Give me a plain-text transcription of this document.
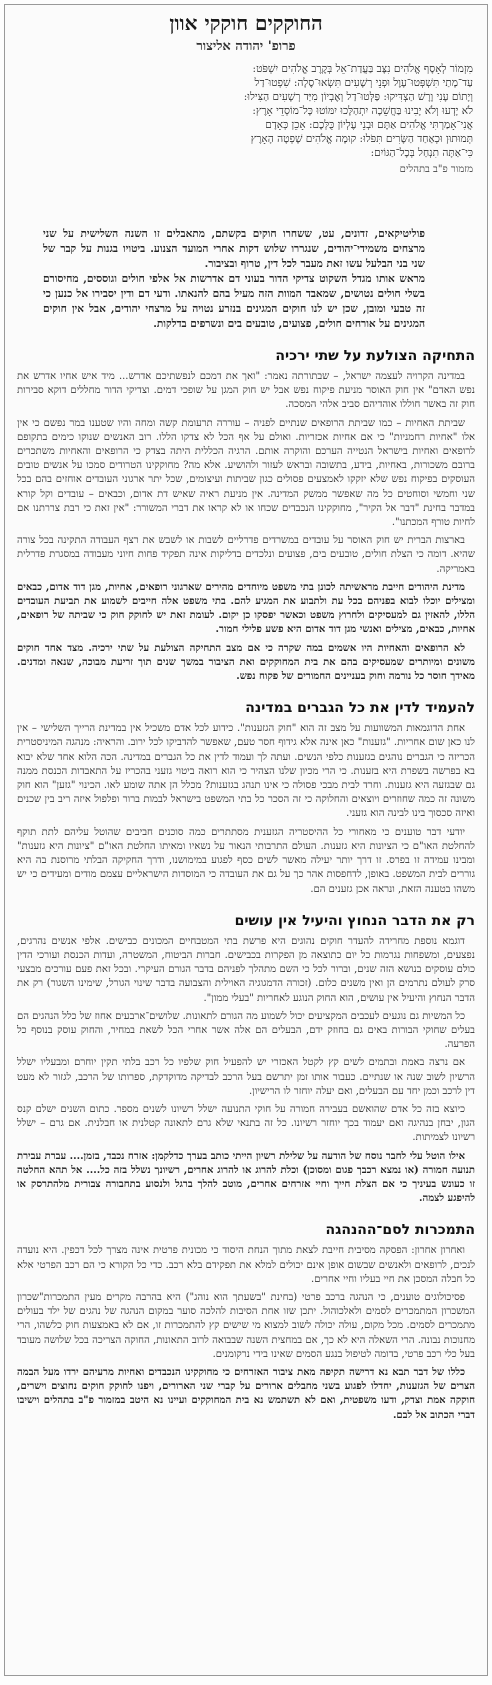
החוקקים חוקקי אוון
פרופ' יהודה אליצור
מִזְמוֹר לְאָסָף אֱלֹהִים נִצָּב בַּעֲדַת־אֵל בְּקֶרֶב אֱלֹהִים יִשְׁפֹּט:
עַד־מָתַי תִּשְׁפְּטוּ־עָוֶל וּפְנֵי רְשָׁעִים תִּשְׂאוּ־סֶלָה: שִׁפְטוּ־דַל
וְיָתוֹם עָנִי וָרָשׁ הַצְדִּיקוּ: פַּלְּטוּ־דַל וְאֶבְיוֹן מִיַּד רְשָׁעִים הַצִּילוּ:
לֹא יָדְעוּ וְלֹא יָבִינוּ בַּחֲשֵׁכָה יִתְהַלָּכוּ יִמּוֹטוּ כָּל־מוֹסְדֵי אָרֶץ:
אֲנִי־אָמַרְתִּי אֱלֹהִים אַתֶּם וּבְנֵי עֶלְיוֹן כֻּלְּכֶם: אָכֵן כְּאָדָם
תְּמוּתוּן וּכְאַחַד הַשָּׂרִים תִּפֹּלוּ: קוּמָה אֱלֹהִים שָׁפְטָה הָאָרֶץ
כִּי־אַתָּה תִנְחַל בְּכָל־הַגּוֹיִם:
מזמור פ"ב בתהלים

פוליטיקאים, זדונים, עט, ששחרו חוקים בקשתם, מתאבלים זו השנה השלישית על שני מרצחים משמידי־יהודים, שנגררו שלוש דקות אחרי המועד הצנוע. ביטויו בגנות על קבר של שני בני הבלעל עשו זאת מעבר לכל דין, טרוף ובציבור.

מראש אותו מגדל השקוט צדיקי הדור בעוני דם אדרשות אל אלפי חולים וגוססים, מחיסורם בשלי חולים נטושים, שמאבד המוות הזה מעיל בהם להנאתו. ודעי דם ודין יסבירו אל כנען כי זה טבעי ומובן, שכן יש לנו חוקים המגינים בנזרע נטויה על מרצחי יהודים, אבל אין חוקים המגינים על אורחים חולים, פצועים, טובעים בים ונשרפים בדלקות.

התחיקה הצולעת על שתי ירכיה

במדינה הקרויה לעצמה ישראל, – שבתורתה נאמר: "ואך את דמכם לנפשתיכם אדרש... מיד איש אחיו אדרש את נפש האדם" אין חוק האוסר מניעת פיקוח נפש אבל יש חוק המגן על שופכי דמים. וצדיקי הדור מחללים דוקא סבירות חוק זה באשר חוללו אוהדיהם סביב אלהי המסכה.

שביתת האחיות – כמו שביתת הרופאים שנתיים לפניה – עוררה תרעומת קשה ומחה והיו שטענו במר נפשם כי אין אלו "אחיות רחמניות" כי אם אחיות אכזריות. ואולם על אף הכל לא צדקו הללו. רוב האנשים שנוקו כימים בתקופם לרופאים ואחיות בישראל הנטייה הערכם והוקרה אותם. הרגיה הכללית היתה בצדק כי הרופאים והאחיות משתכרים ברובם משכורות, באחיות, בידע, בתשובה ובראש לעזור ולהושיע. אלא מה? מחוקקינו הטרודים סמכו על אנשים טובים העוסקים בפיקוח נפש שלא יזקקו לאמצעים פסולים כגון שביתות ועיצומים, שכל יתר ארגוני העובדים אוחזים בהם בכל שני וחמשי וסוחטים כל מה שאפשר ממשק המדינה. אין מניעת ראיה שאיש דת אדום, וכבאים – עובדים וקל קורא במדבר בחינת "דבר אל הקיר", מחוקקינו הנכבדים שכחו או לא קראו את דברי המשורר: "אין זאת כי רבת צררתנו אם לחיות טורף המכתנו".

בארצות הברית יש חוק האוסר על עובדים במשרדים פדרליים לשבות או לשבש את רצף העבודה התקינה בכל צורה שהיא. דומה כי הצלת חולים, טובעים בים, פצועים ונלכדים בדליקות אינה תפקיד פחות חיוני מעבודה במסגרת פדרלית באמריקה.

מדינת היהודים חייבת מראשיתה לכונן בתי משפט מיוחדים מהירים שארגוני רופאים, אחיות, מגן דוד אדום, כבאים ומצילים יוכלו לבוא בפניהם בכל עת ולתבוע את המגיע להם. בתי משפט אלה חייבים לשמוע את תביעת העובדים הללו, להאזין גם למעסיקים ולחרוץ משפט וכאשר יפסקו כן יקום. לעומת זאת יש לחוקק חוק כי שביתה של רופאים, אחיות, כבאים, מצילים ואנשי מגן דוד אדום היא פשע פלילי חמור.

לא הרופאים והאחיות היו אשמים במה שקרה כי אם מצב התחיקה הצולעת על שתי ירכיה. מצד אחד חוקים משונים ומיותרים שמעסיקים בהם את בית המחוקקים ואת הציבור במשך שנים תוך זריעת מבוכה, שנאה ומדנים. מאידך חוסר כל נורמה וחוק בעניינים החמורים של פקוח נפש.

להעמיד לדין את כל הגברים במדינה

אחת הדוגמאות המשוועות על מצב זה הוא "חוק הגזענות". כידוע לכל אדם משכיל אין במדינת הרייך השלישי – אין לנו כאן שום אחריות. "גזענות" כאן אינה אלא גידוף חסר טעם, שאפשר להדביקו לכל ירוב. והראיה: מנהגה המיניסטרית הכריזה כי הגברים נוהגים בגזענות כלפי הנשים. ועתה לך ועמוד לדין את כל הגברים במדינה. הכה הלוא אחד שלא יבוא בא בפרשה בשפרת היא בזענות. כי הרי מכיון שלנו הצהיר כי הוא רואה ביטוי גזעני בהכריז על התאבדות הכנסת ממנה גם שבגזעה היא גזענות. וחרד לבית מבכי פסולה כי אינו תנהג בגזענות? מכלל הן אתה שומע לאו. הכינוי "גזען" הוא חוק משונה זה כמה שחוזרים ויוצאים והחלוקה כי זה הסכר כל בתי המשפט בישראל לבמות ברור ופלפול איזה ריב בין שכנים ואיזה סכסוך בינו לבינה הוא גזעני.

יודעי דבר טוענים כי מאחורי כל ההיסטריה הגזענית מסתתרים כמה סוכנים חביבים שהוטל עליהם לתת תוקף להחלטת האו"ם כי הציונות היא גזענות. העולם התרבותי הנאור על נשאיו ומאיתו החלטת האו"ם "ציונות היא גזענות" ומבינו עמידה זו בפרס. זו דרך יותר יעילה מאשר לשים כסף לפגוע במימושנו, ודרך החקיקה הבלתי מרוסנת בה היא גוררים לבית המשפט. באופן, לדחפסות אהר כך על גם את העובדה כי המוסדות הישראליים עצמם מודים ומעידים כי יש משהו בטענה הזאת, ונראה אכן גזענים הם.

רק את הדבר הנחוץ והיעיל אין עושים

דוגמא נוספת מחרידה להעדר חוקים נהוגים היא פרשת בתי המטבחיים המכונים כבישים. אלפי אנשים נהרגים, נפצעים, ומשפחות נגרמות כל יום כתוצאה מן הפקרות בכבישים. חברות הביטוח, המשטרה, ועדות הכנסת ועורכי הדין כולם עוסקים בנושא הזה שנים, וברור לכל כי השם מתהלך לפניהם בדבר הגורם העיקרי. ובכל זאת פעם עורכים מבצעי סרק לעולם נתרמים הן ואין משנים כלום. (זכורה הדמגוגיה האוילית והצבועה בדבר שינוי הגורל, שימינו השגור) רק את הדבר הנחוץ והיעיל אין עושים, הוא החוק הנוגע לאחריות "בעלי ממון".

כל המשיות גם נוגעים לעכבים המקציעים יכול לשמוע מה הגורם לתאונות. שלושים־ארבעים אחוז של כלל הנהגים הם בעלים שחוקי הבורות באים גם בחוזק ידם, הבעלים הם אלה אשר אחרי הכל לשאת במחיר, והחוק עוסק בנוסף כל הפרעה.

אם נרצה באמת ובתמים לשים קץ לקטל האכזרי יש להפעיל חוק שלפיו כל רכב בלתי תקין יוחרם ומבעליו ישלל הרשיון לשוב שנה או שנתיים. כעבור אותו זמן יתרשם בעל הרכב לבדיקה מדוקדקת, ספרותו של הרכב, לגזור לא מעט דין לרכב וכמן יחד עם הבעלים, ואם יעלה יוחזר לו הרישיון.

כיוצא בזה כל אדם שהואשם בעבירה חמורה על חוקי התנועה ישלל רשיונו לשנים מספר. כתום השנים ישלם קנס הגון, יבחן בנהיגה ואם יעמוד בכך יוחזר רשיונו. כל זה בתנאי שלא גרם לתאונה קטלנית או חבלנית. אם גרם – ישלל רשיונו לצמיתות.

אילו הוטל עלי לחבר נוסח של הודעה על שלילת רשיון הייתי כותב בערך כדלקמן: אזרח נכבד, בזמן.... עברת עבירת תנועה חמורה (או נמצא רכבך פגום ומסוכן) וכלת להרוג או להרוג אחרים, רשיונך נשלל בזה כל.... אל תהא החלטה זו כעונש בעיניך כי אם הצלת חייך וחיי אזרחים אחרים, מוטב להלך ברגל ולנסוע בתחבורה צבורית מלהתרסק או להיפגע לצמה.

התמכרות לסם־ההנהגה

ואחרון אחרון: הפסקה מסיבית חייבת לצאת מתוך הנחת היסוד כי מכונית פרטית אינה מצרך לכל דכפין. היא נועדה לנכים, לרופאים ולאנשים שבשום אופן אינם יכולים למלא את תפקידם בלא רכב. כדי כל הקורא כי הם רכב הפרטי אלא כל חבלה המסכן את חיי בעליו וחיי אחרים.

פסיכולוגים טוענים, כי הנהגה ברכב פרטי (בחינת "בשעתך הוא נוהג") היא בהרבה מקרים מעין התמכרות"שכרון המשכרון המתמכרים לסמים ולאלכוהול. יתכן שזו אחת הסיבות להלכה סוער במקום הנהגה של נהגים של ילד בעולים מתמכרים לסמים. מכל מקום, עולה יכולה לשוב למצוא מי שישים קץ להתמכרות זו, אם לא באמצעות חוק כלשהו, הרי מחנוכות נבונה. הרי השאלה היא לא כך, אם במחצית השנה שבבואה לרוב התאונות, החוקה הצריכה בכל שלושה מעובד בעל כלי רכב פרטי, בדומה לטיפול בנגע הסמים שאינו בידי נרקומנים.

כללו של דבר תבא נא דרישה תקיפה מאת ציבור האזרחים כי מחוקקינו הנכבדים ואחיות מרעיהם ירדו מעל הבמה הצרים של הגזענות, יחדלו לפגוע בשני מחבלים ארורים על קברי שני הארורים, ויפנו לחוקק חוקים נחוצים וישרים, חוקקה אמת וצדק, ודעו משפטית, ואם לא תשתמש נא בית המחוקקים ועיינו נא היטב במזמור פ"ב בתהלים וישיבו דברי הכתוב אל לבם.
